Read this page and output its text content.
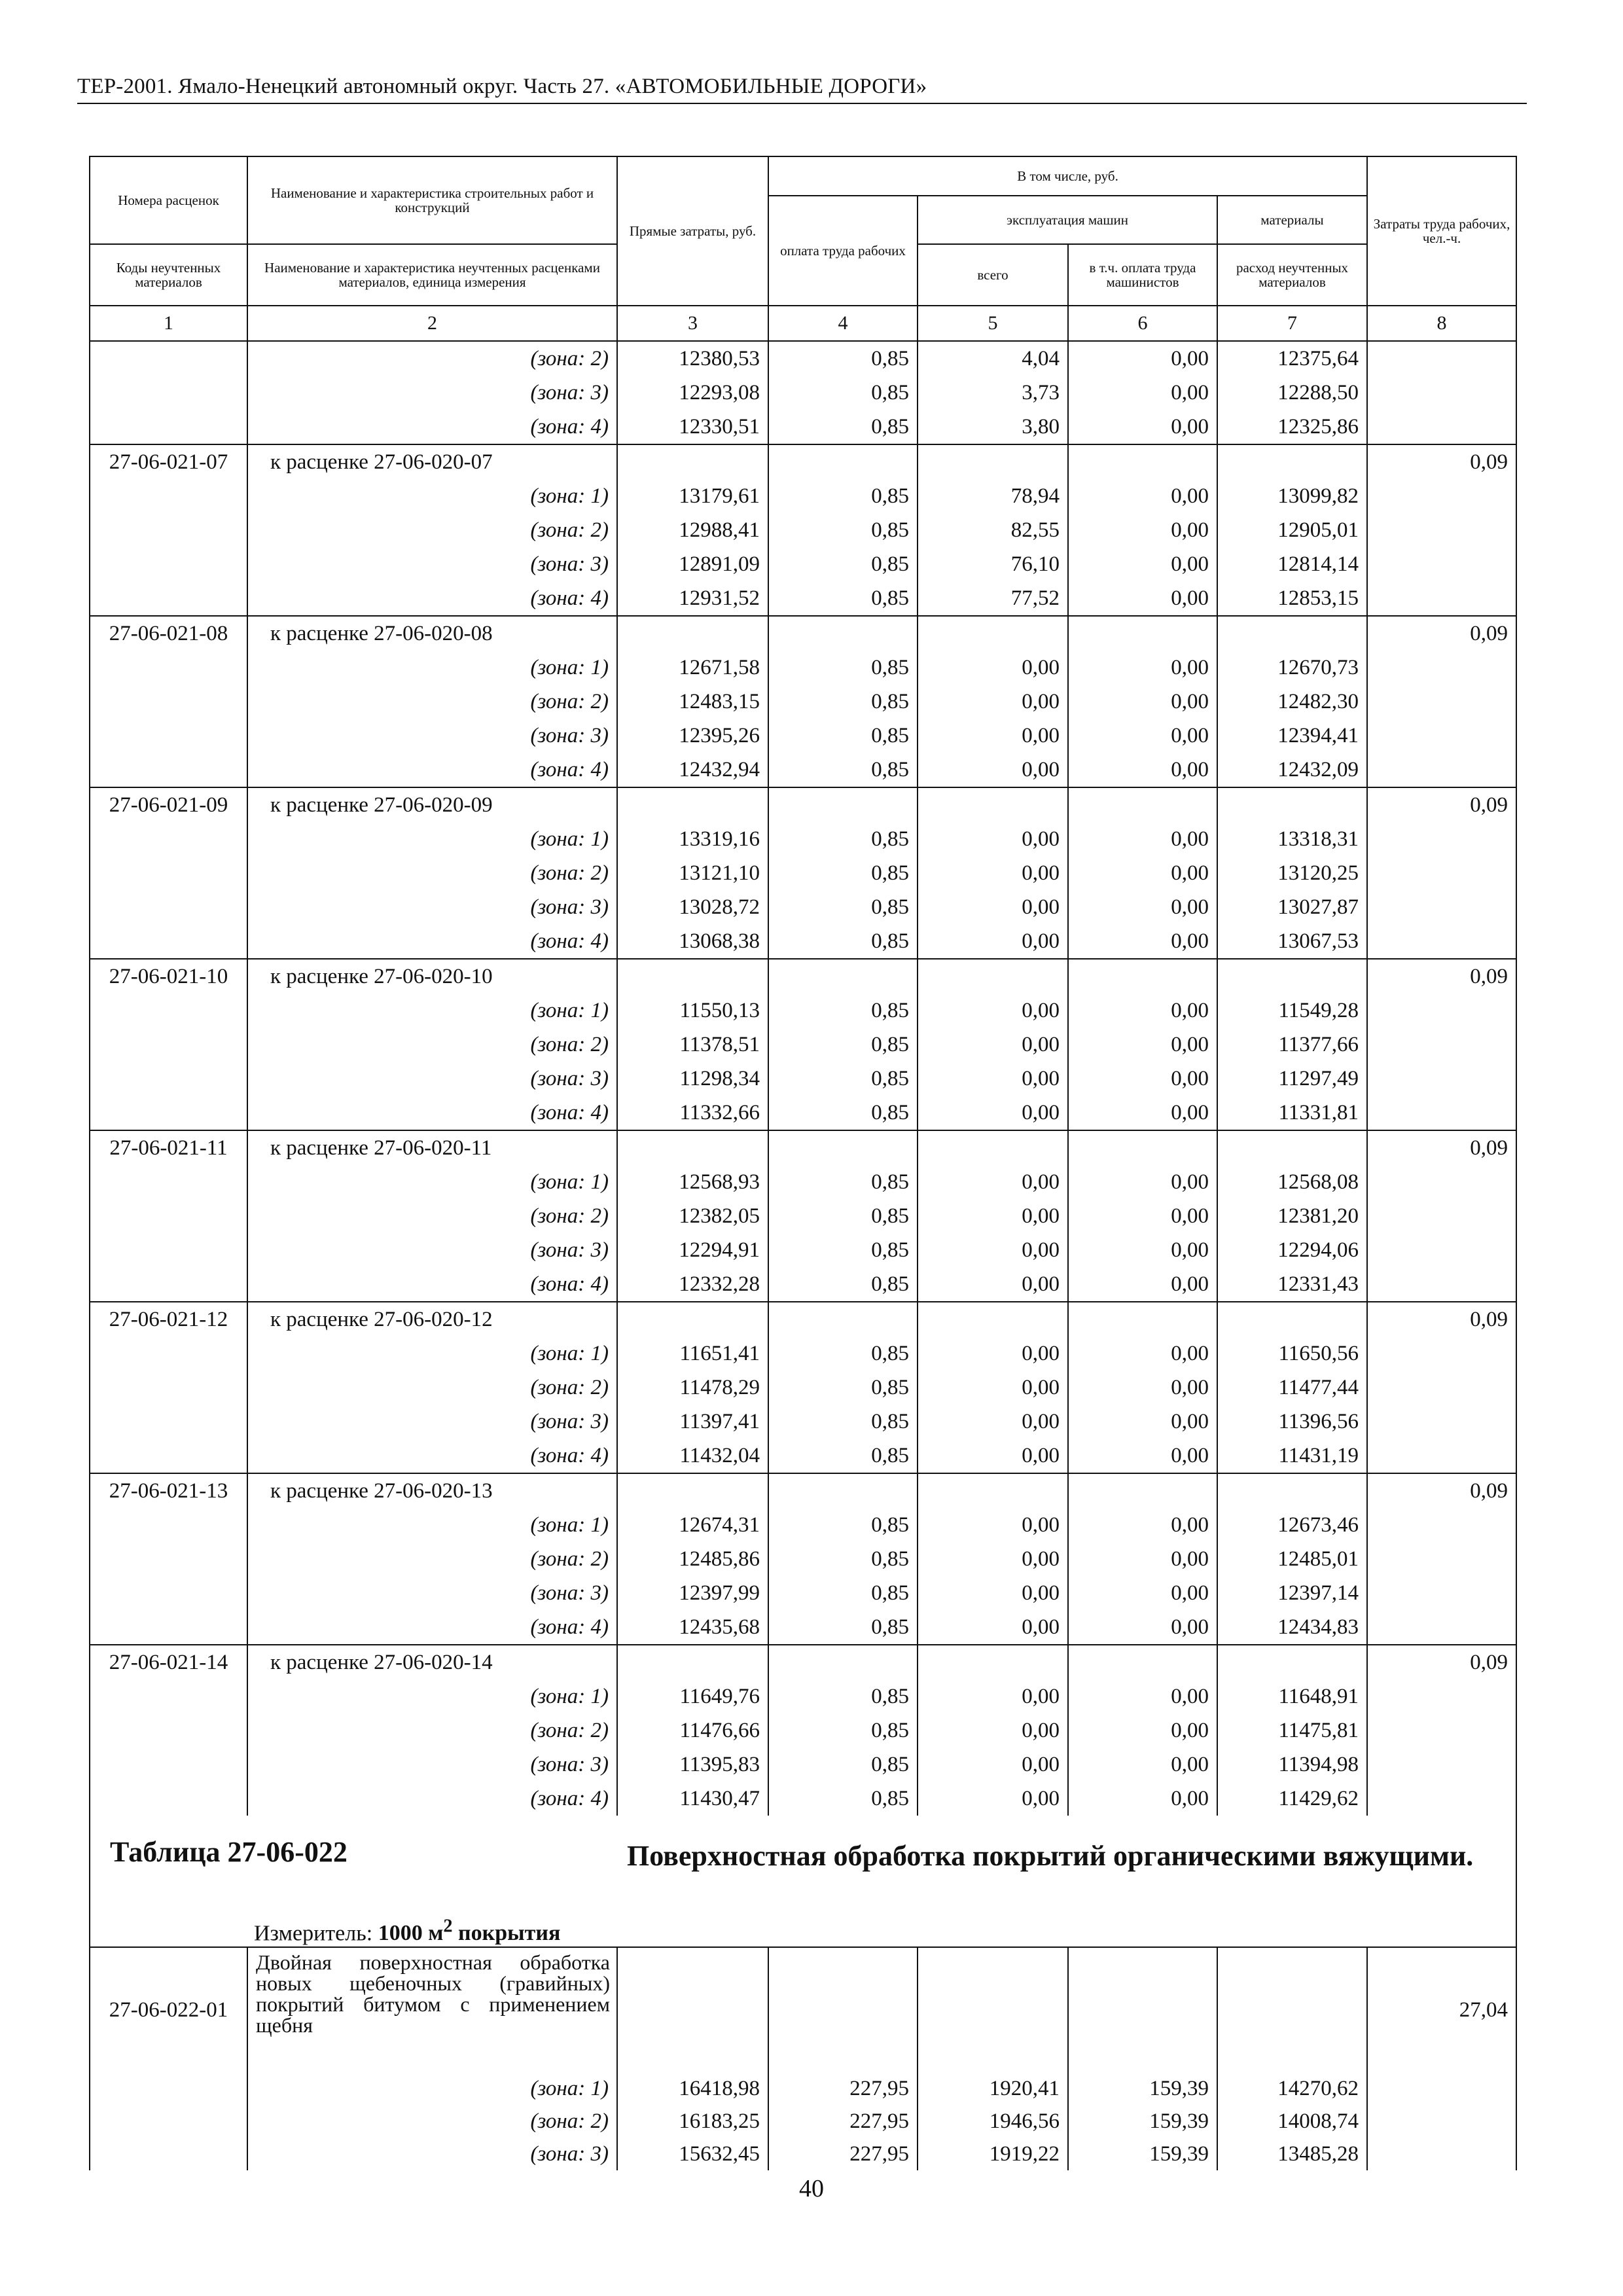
ТЕР-2001. Ямало-Ненецкий автономный округ. Часть 27. «АВТОМОБИЛЬНЫЕ ДОРОГИ»
Номера расценок	Наименование и характеристика строительных работ и конструкций	Прямые затраты, руб.	В том числе, руб.				Затраты труда рабочих, чел.-ч.
			оплата труда рабочих	эксплуатация машин		материалы	
Коды неучтенных материалов	Наименование и характеристика неучтенных расценками материалов, единица измерения			всего	в т.ч. оплата труда машинистов	расход неучтенных материалов	
1	2	3	4	5	6	7	8
	(зона: 2)	12380,53	0,85	4,04	0,00	12375,64	
	(зона: 3)	12293,08	0,85	3,73	0,00	12288,50	
	(зона: 4)	12330,51	0,85	3,80	0,00	12325,86	
27-06-021-07	к расценке 27-06-020-07						0,09
	(зона: 1)	13179,61	0,85	78,94	0,00	13099,82	
	(зона: 2)	12988,41	0,85	82,55	0,00	12905,01	
	(зона: 3)	12891,09	0,85	76,10	0,00	12814,14	
	(зона: 4)	12931,52	0,85	77,52	0,00	12853,15	
27-06-021-08	к расценке 27-06-020-08						0,09
	(зона: 1)	12671,58	0,85	0,00	0,00	12670,73	
	(зона: 2)	12483,15	0,85	0,00	0,00	12482,30	
	(зона: 3)	12395,26	0,85	0,00	0,00	12394,41	
	(зона: 4)	12432,94	0,85	0,00	0,00	12432,09	
27-06-021-09	к расценке 27-06-020-09						0,09
	(зона: 1)	13319,16	0,85	0,00	0,00	13318,31	
	(зона: 2)	13121,10	0,85	0,00	0,00	13120,25	
	(зона: 3)	13028,72	0,85	0,00	0,00	13027,87	
	(зона: 4)	13068,38	0,85	0,00	0,00	13067,53	
27-06-021-10	к расценке 27-06-020-10						0,09
	(зона: 1)	11550,13	0,85	0,00	0,00	11549,28	
	(зона: 2)	11378,51	0,85	0,00	0,00	11377,66	
	(зона: 3)	11298,34	0,85	0,00	0,00	11297,49	
	(зона: 4)	11332,66	0,85	0,00	0,00	11331,81	
27-06-021-11	к расценке 27-06-020-11						0,09
	(зона: 1)	12568,93	0,85	0,00	0,00	12568,08	
	(зона: 2)	12382,05	0,85	0,00	0,00	12381,20	
	(зона: 3)	12294,91	0,85	0,00	0,00	12294,06	
	(зона: 4)	12332,28	0,85	0,00	0,00	12331,43	
27-06-021-12	к расценке 27-06-020-12						0,09
	(зона: 1)	11651,41	0,85	0,00	0,00	11650,56	
	(зона: 2)	11478,29	0,85	0,00	0,00	11477,44	
	(зона: 3)	11397,41	0,85	0,00	0,00	11396,56	
	(зона: 4)	11432,04	0,85	0,00	0,00	11431,19	
27-06-021-13	к расценке 27-06-020-13						0,09
	(зона: 1)	12674,31	0,85	0,00	0,00	12673,46	
	(зона: 2)	12485,86	0,85	0,00	0,00	12485,01	
	(зона: 3)	12397,99	0,85	0,00	0,00	12397,14	
	(зона: 4)	12435,68	0,85	0,00	0,00	12434,83	
27-06-021-14	к расценке 27-06-020-14						0,09
	(зона: 1)	11649,76	0,85	0,00	0,00	11648,91	
	(зона: 2)	11476,66	0,85	0,00	0,00	11475,81	
	(зона: 3)	11395,83	0,85	0,00	0,00	11394,98	
	(зона: 4)	11430,47	0,85	0,00	0,00	11429,62	

Таблица 27-06-022 Поверхностная обработка покрытий органическими вяжущими.
Измеритель: 1000 $м^2$ покрытия							

27-06-022-01	Двойная поверхностная обработка новых щебеночных (гравийных) покрытий битумом с применением щебня						27,04
	(зона: 1)	16418,98	227,95	1920,41	159,39	14270,62	
	(зона: 2)	16183,25	227,95	1946,56	159,39	14008,74	
	(зона: 3)	15632,45	227,95	1919,22	159,39	13485,28	
40
